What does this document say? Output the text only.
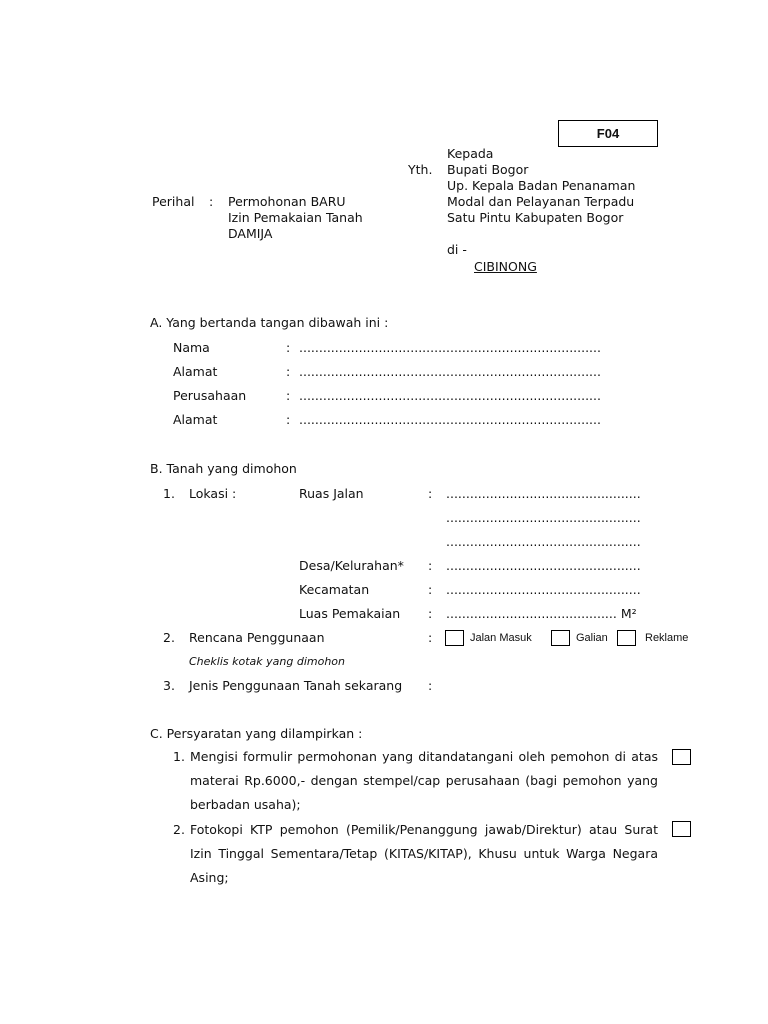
F04
Kepada
Yth. Bupati Bogor
Up. Kepala Badan Penanaman
Modal dan Pelayanan Terpadu
Satu Pintu Kabupaten Bogor
di -
CIBINONG
Perihal : Permohonan BARU
Izin Pemakaian Tanah
DAMIJA
A. Yang bertanda tangan dibawah ini :
Nama	: ............................................................................
Alamat	: ............................................................................
Perusahaan	: ............................................................................
Alamat	: ............................................................................
B. Tanah yang dimohon
1. Lokasi :	Ruas Jalan	: .................................................
.................................................
.................................................
Desa/Kelurahan* : .................................................
Kecamatan	: .................................................
Luas Pemakaian : ........................................... M²
2. Rencana Penggunaan	:	Jalan Masuk	Galian	Reklame
Cheklis kotak yang dimohon
3. Jenis Penggunaan Tanah sekarang :
C. Persyaratan yang dilampirkan :
1. Mengisi formulir permohonan yang ditandatangani oleh pemohon di atas
materai Rp.6000,- dengan stempel/cap perusahaan (bagi pemohon yang
berbadan usaha);
2. Fotokopi KTP pemohon (Pemilik/Penanggung jawab/Direktur) atau Surat
Izin Tinggal Sementara/Tetap (KITAS/KITAP), Khusu untuk Warga Negara
Asing;
